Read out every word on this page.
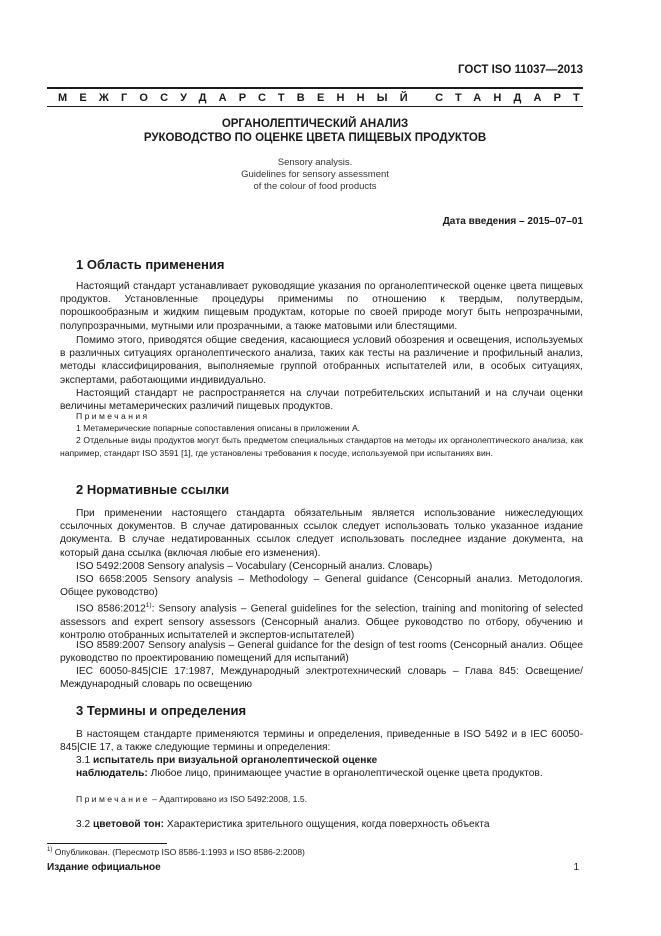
ГОСТ ISO 11037—2013
МЕЖГОСУДАРСТВЕННЫЙ СТАНДАРТ
ОРГАНОЛЕПТИЧЕСКИЙ АНАЛИЗ
РУКОВОДСТВО ПО ОЦЕНКЕ ЦВЕТА ПИЩЕВЫХ ПРОДУКТОВ
Sensory analysis.
Guidelines for sensory assessment
of the colour of food products
Дата введения – 2015–07–01
1 Область применения
Настоящий стандарт устанавливает руководящие указания по органолептической оценке цвета пищевых продуктов. Установленные процедуры применимы по отношению к твердым, полутвердым, порошкообразным и жидким пищевым продуктам, которые по своей природе могут быть непрозрачными, полупрозрачными, мутными или прозрачными, а также матовыми или блестящими.
Помимо этого, приводятся общие сведения, касающиеся условий обозрения и освещения, используемых в различных ситуациях органолептического анализа, таких как тесты на различение и профильный анализ, методы классифицирования, выполняемые группой отобранных испытателей или, в особых ситуациях, экспертами, работающими индивидуально.
Настоящий стандарт не распространяется на случаи потребительских испытаний и на случаи оценки величины метамерических различий пищевых продуктов.
Примечания
1 Метамерические попарные сопоставления описаны в приложении А.
2 Отдельные виды продуктов могут быть предметом специальных стандартов на методы их органолептического анализа, как например, стандарт ISO 3591 [1], где установлены требования к посуде, используемой при испытаниях вин.
2 Нормативные ссылки
При применении настоящего стандарта обязательным является использование нижеследующих ссылочных документов. В случае датированных ссылок следует использовать только указанное издание документа. В случае недатированных ссылок следует использовать последнее издание документа, на который дана ссылка (включая любые его изменения).
ISO 5492:2008 Sensory analysis – Vocabulary (Сенсорный анализ. Словарь)
ISO 6658:2005 Sensory analysis – Methodology – General guidance (Сенсорный анализ. Методология. Общее руководство)
ISO 8586:2012$^{1)}$: Sensory analysis – General guidelines for the selection, training and monitoring of selected assessors and expert sensory assessors (Сенсорный анализ. Общее руководство по отбору, обучению и контролю отобранных испытателей и экспертов-испытателей)
ISO 8589:2007 Sensory analysis – General guidance for the design of test rooms (Сенсорный анализ. Общее руководство по проектированию помещений для испытаний)
IEC 60050-845|CIE 17:1987, Международный электротехнический словарь – Глава 845: Освещение/Международный словарь по освещению
3 Термины и определения
В настоящем стандарте применяются термины и определения, приведенные в ISO 5492 и в IEC 60050-845|CIE 17, а также следующие термины и определения:
3.1 испытатель при визуальной органолептической оценке
наблюдатель: Любое лицо, принимающее участие в органолептической оценке цвета продуктов.
Примечание – Адаптировано из ISO 5492:2008, 1.5.
3.2 цветовой тон: Характеристика зрительного ощущения, когда поверхность объекта
$^{1)}$ Опубликован. (Пересмотр ISO 8586-1:1993 и ISO 8586-2:2008)
Издание официальное	1
